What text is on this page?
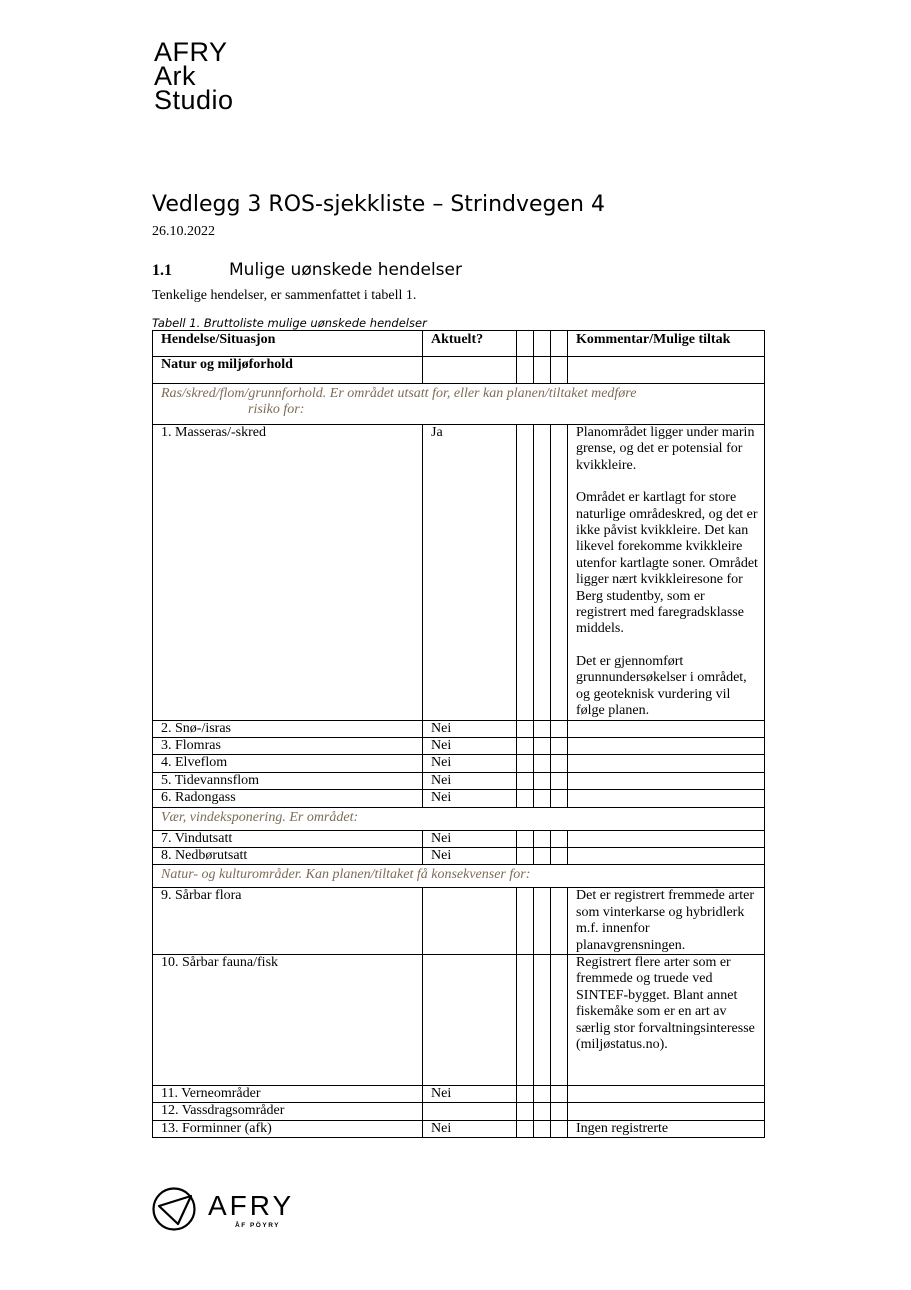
AFRY
Ark
Studio
Vedlegg 3 ROS-sjekkliste – Strindvegen 4
26.10.2022
1.1	Mulige uønskede hendelser
Tenkelige hendelser, er sammenfattet i tabell 1.
Tabell 1. Bruttoliste mulige uønskede hendelser
Hendelse/Situasjon	Aktuelt?				Kommentar/Mulige tiltak
Natur og miljøforhold					

Ras/skred/flom/grunnforhold. Er området utsatt for, eller kan planen/tiltaket medføre
risiko for:					

1. Masseras/-skred	Ja				Planområdet ligger under marin grense, og det er potensial for kvikkleire.
Området er kartlagt for store naturlige områdeskred, og det er ikke påvist kvikkleire. Det kan likevel forekomme kvikkleire utenfor kartlagte soner. Området ligger nært kvikkleiresone for Berg studentby, som er registrert med faregradsklasse middels.
Det er gjennomført grunnundersøkelser i området, og geoteknisk vurdering vil følge planen.

2. Snø-/isras	Nei				
3. Flomras	Nei				
4. Elveflom	Nei				
5. Tidevannsflom	Nei				
6. Radongass	Nei				
Vær, vindeksponering. Er området:					
7. Vindutsatt	Nei				
8. Nedbørutsatt	Nei				
Natur- og kulturområder. Kan planen/tiltaket få konsekvenser for:					
9. Sårbar flora					Det er registrert fremmede arter som vinterkarse og hybridlerk m.f. innenfor planavgrensningen.
10. Sårbar fauna/fisk					Registrert flere arter som er fremmede og truede ved SINTEF-bygget. Blant annet fiskemåke som er en art av særlig stor forvaltningsinteresse (miljøstatus.no).
11. Verneområder	Nei				
12. Vassdragsområder					
13. Forminner (afk)	Nei				Ingen registrerte
AFRY
ÅF PÖYRY
